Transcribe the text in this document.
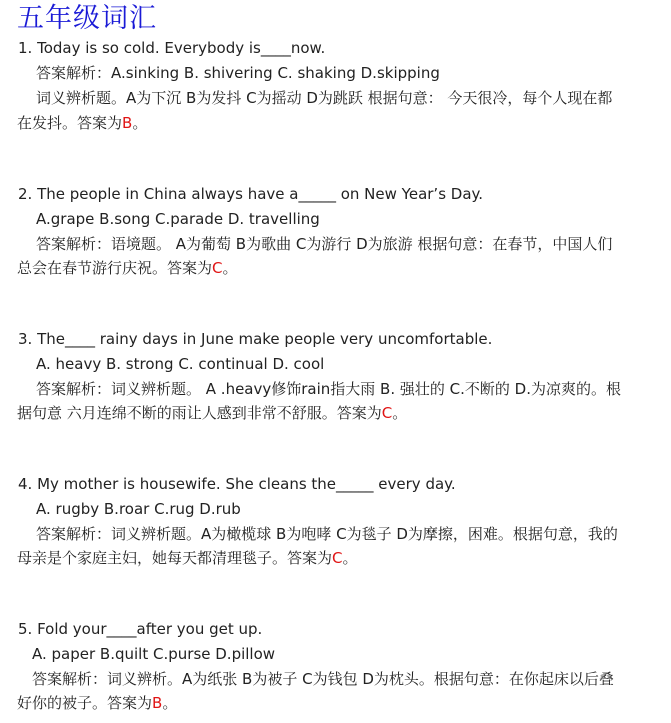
五年级词汇
1. Today is so cold. Everybody is____now.
答案解析：A.sinking B. shivering C. shaking D.skipping
词义辨析题。A为下沉 B为发抖 C为摇动 D为跳跃 根据句意： 今天很冷，每个人现在都
在发抖。答案为B。
2. The people in China always have a_____ on New Year’s Day.
A.grape B.song C.parade D. travelling
答案解析：语境题。 A为葡萄 B为歌曲 C为游行 D为旅游 根据句意：在春节，中国人们
总会在春节游行庆祝。答案为C。
3. The____ rainy days in June make people very uncomfortable.
A. heavy B. strong C. continual D. cool
答案解析：词义辨析题。 A .heavy修饰rain指大雨 B. 强壮的 C.不断的 D.为凉爽的。根
据句意 六月连绵不断的雨让人感到非常不舒服。答案为C。
4. My mother is housewife. She cleans the_____ every day.
A. rugby B.roar C.rug D.rub
答案解析：词义辨析题。A为橄榄球 B为咆哮 C为毯子 D为摩擦，困难。根据句意，我的
母亲是个家庭主妇，她每天都清理毯子。答案为C。
5. Fold your____after you get up.
A. paper B.quilt C.purse D.pillow
答案解析：词义辨析。A为纸张 B为被子 C为钱包 D为枕头。根据句意：在你起床以后叠
好你的被子。答案为B。
